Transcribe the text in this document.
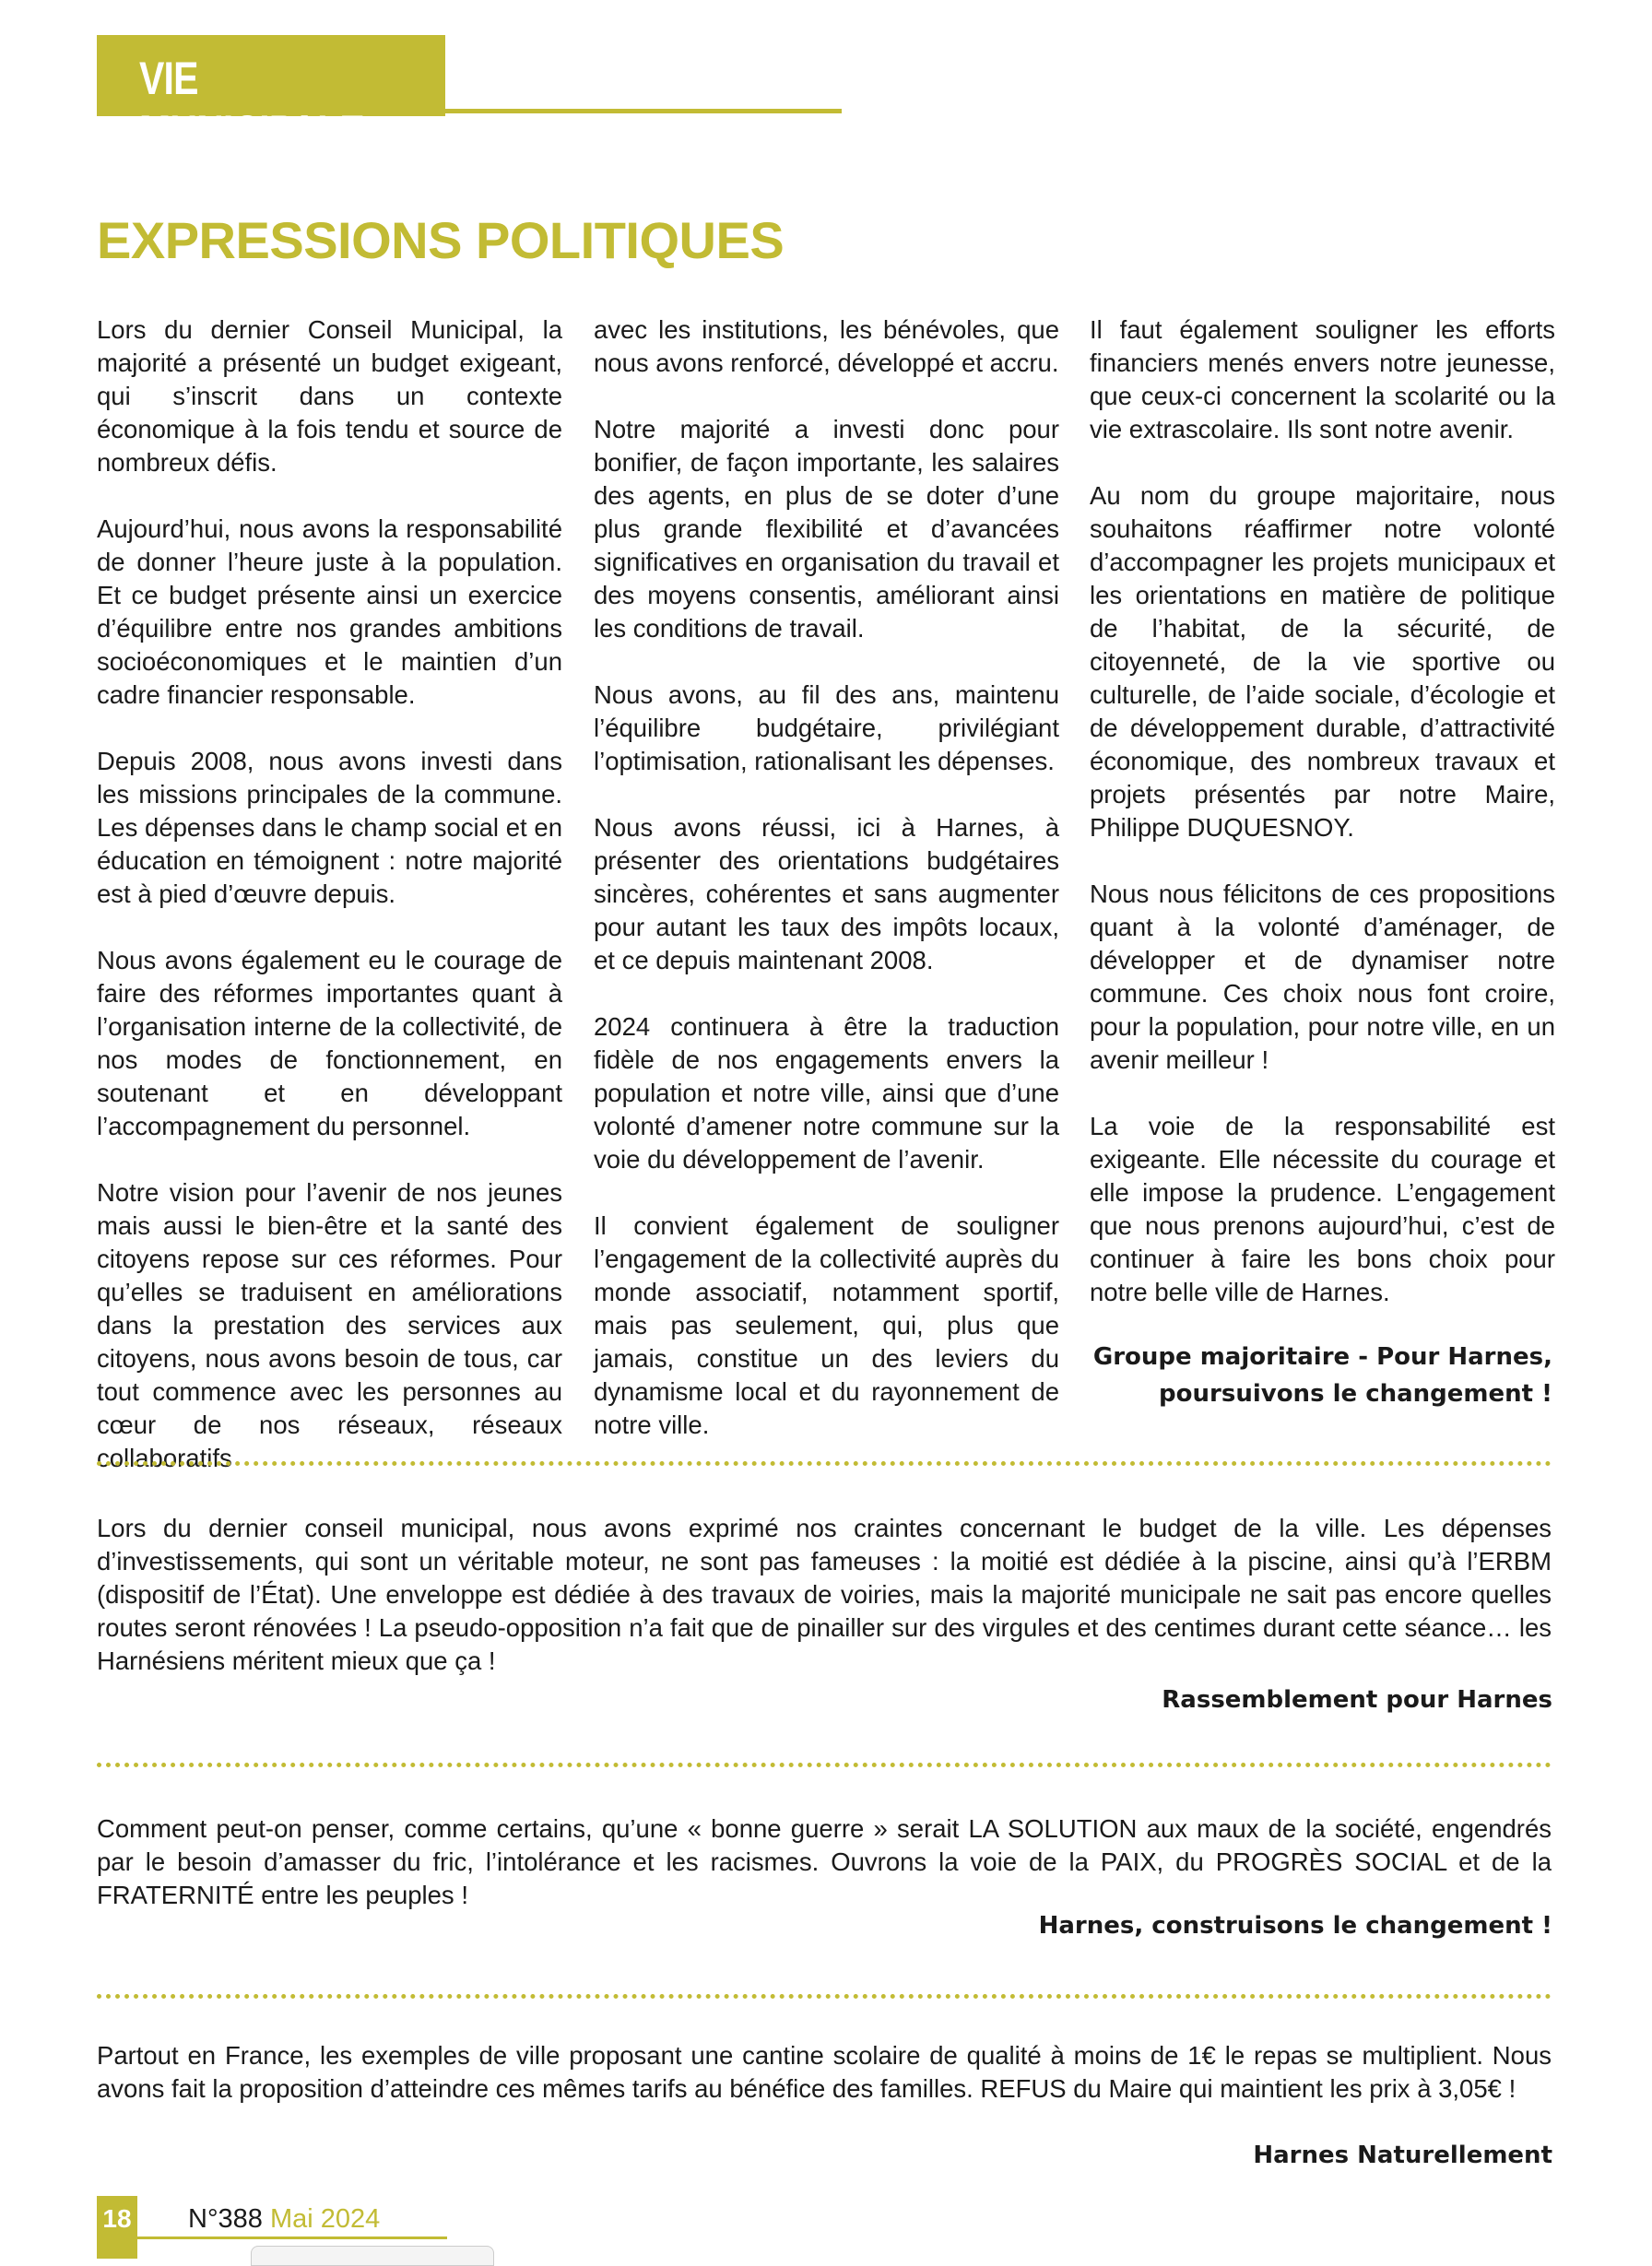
VIE MUNICIPALE
EXPRESSIONS POLITIQUES

Lors du dernier Conseil Municipal, la majorité a présenté un budget exigeant, qui s’inscrit dans un contexte économique à la fois tendu et source de nombreux défis.

Aujourd’hui, nous avons la responsabilité de donner l’heure juste à la population. Et ce budget présente ainsi un exercice d’équilibre entre nos grandes ambitions socioéconomiques et le maintien d’un cadre financier responsable.

Depuis 2008, nous avons investi dans les missions principales de la commune. Les dépenses dans le champ social et en éducation en témoignent : notre majorité est à pied d’œuvre depuis.

Nous avons également eu le courage de faire des réformes importantes quant à l’organisation interne de la collectivité, de nos modes de fonctionnement, en soutenant et en développant l’accompagnement du personnel.

Notre vision pour l’avenir de nos jeunes mais aussi le bien-être et la santé des citoyens repose sur ces réformes. Pour qu’elles se traduisent en améliorations dans la prestation des services aux citoyens, nous avons besoin de tous, car tout commence avec les personnes au cœur de nos réseaux, réseaux collaboratifs

avec les institutions, les bénévoles, que nous avons renforcé, développé et accru.

Notre majorité a investi donc pour bonifier, de façon importante, les salaires des agents, en plus de se doter d’une plus grande flexibilité et d’avancées significatives en organisation du travail et des moyens consentis, améliorant ainsi les conditions de travail.

Nous avons, au fil des ans, maintenu l’équilibre budgétaire, privilégiant l’optimisation, rationalisant les dépenses.

Nous avons réussi, ici à Harnes, à présenter des orientations budgétaires sincères, cohérentes et sans augmenter pour autant les taux des impôts locaux, et ce depuis maintenant 2008.

2024 continuera à être la traduction fidèle de nos engagements envers la population et notre ville, ainsi que d’une volonté d’amener notre commune sur la voie du développement de l’avenir.

Il convient également de souligner l’engagement de la collectivité auprès du monde associatif, notamment sportif, mais pas seulement, qui, plus que jamais, constitue un des leviers du dynamisme local et du rayonnement de notre ville.

Il faut également souligner les efforts financiers menés envers notre jeunesse, que ceux-ci concernent la scolarité ou la vie extrascolaire. Ils sont notre avenir.

Au nom du groupe majoritaire, nous souhaitons réaffirmer notre volonté d’accompagner les projets municipaux et les orientations en matière de politique de l’habitat, de la sécurité, de citoyenneté, de la vie sportive ou culturelle, de l’aide sociale, d’écologie et de développement durable, d’attractivité économique, des nombreux travaux et projets présentés par notre Maire, Philippe DUQUESNOY.

Nous nous félicitons de ces propositions quant à la volonté d’aménager, de développer et de dynamiser notre commune. Ces choix nous font croire, pour la population, pour notre ville, en un avenir meilleur !

La voie de la responsabilité est exigeante. Elle nécessite du courage et elle impose la prudence. L’engagement que nous prenons aujourd’hui, c’est de continuer à faire les bons choix pour notre belle ville de Harnes.

Groupe majoritaire - Pour Harnes,
poursuivons le changement !

Lors du dernier conseil municipal, nous avons exprimé nos craintes concernant le budget de la ville. Les dépenses d’investissements, qui sont un véritable moteur, ne sont pas fameuses : la moitié est dédiée à la piscine, ainsi qu’à l’ERBM (dispositif de l’État). Une enveloppe est dédiée à des travaux de voiries, mais la majorité municipale ne sait pas encore quelles routes seront rénovées ! La pseudo-opposition n’a fait que de pinailler sur des virgules et des centimes durant cette séance… les Harnésiens méritent mieux que ça !

Rassemblement pour Harnes

Comment peut-on penser, comme certains, qu’une « bonne guerre » serait LA SOLUTION aux maux de la société, engendrés par le besoin d’amasser du fric, l’intolérance et les racismes. Ouvrons la voie de la PAIX, du PROGRÈS SOCIAL et de la FRATERNITÉ entre les peuples !

Harnes, construisons le changement !

Partout en France, les exemples de ville proposant une cantine scolaire de qualité à moins de 1€ le repas se multiplient. Nous avons fait la proposition d’atteindre ces mêmes tarifs au bénéfice des familles. REFUS du Maire qui maintient les prix à 3,05€ !

Harnes Naturellement
18 N°388 Mai 2024
